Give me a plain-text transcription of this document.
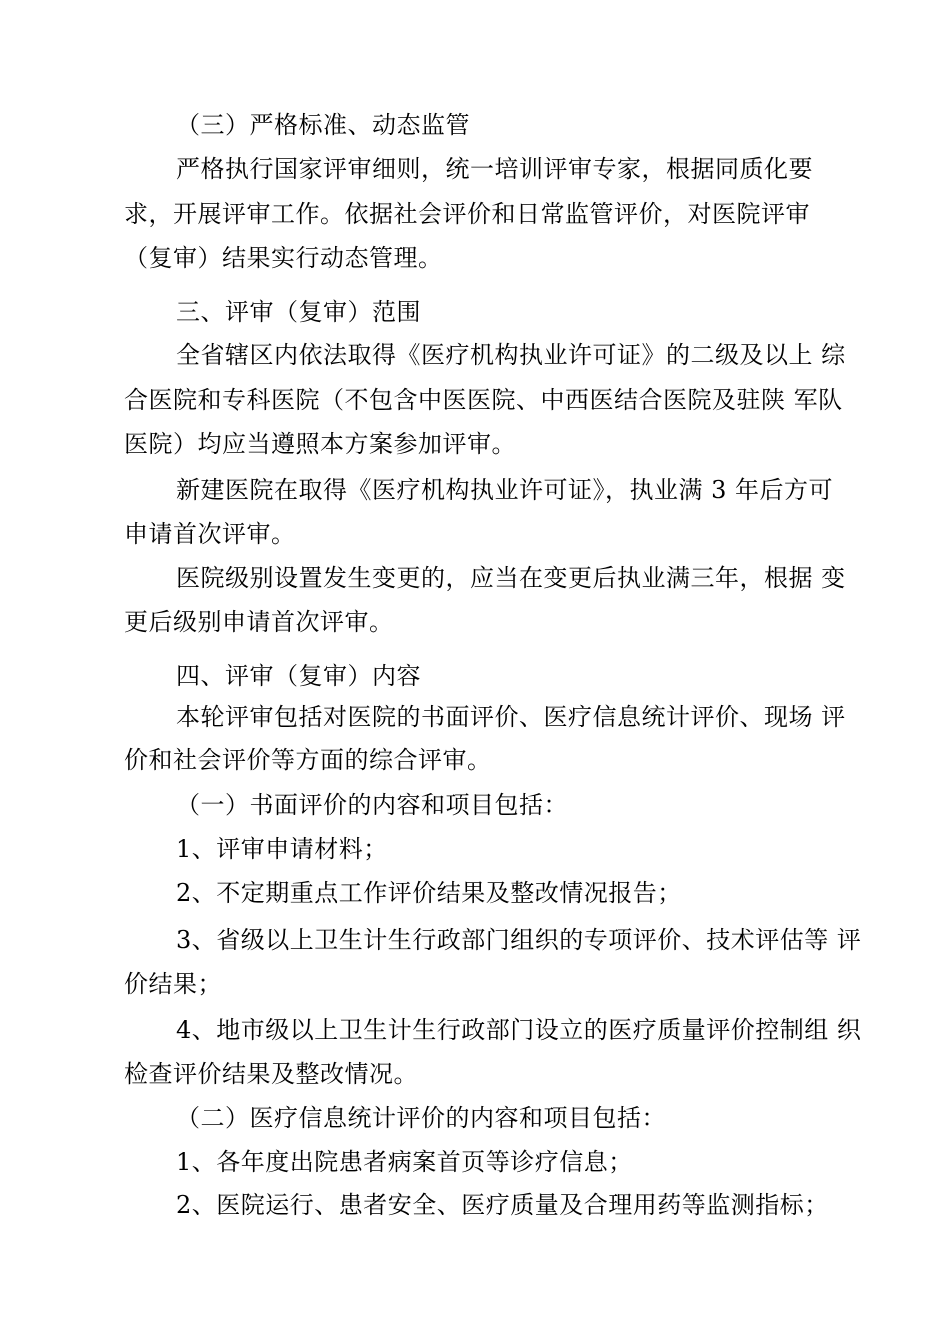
（三）严格标准、动态监管
严格执行国家评审细则，统一培训评审专家，根据同质化要
求，开展评审工作。依据社会评价和日常监管评价，对医院评审
（复审）结果实行动态管理。
三、评审（复审）范围
全省辖区内依法取得《医疗机构执业许可证》的二级及以上 综
合医院和专科医院（不包含中医医院、中西医结合医院及驻陕 军队
医院）均应当遵照本方案参加评审。
新建医院在取得《医疗机构执业许可证》，执业满 3 年后方可
申请首次评审。
医院级别设置发生变更的，应当在变更后执业满三年，根据 变
更后级别申请首次评审。
四、评审（复审）内容
本轮评审包括对医院的书面评价、医疗信息统计评价、现场 评
价和社会评价等方面的综合评审。
（一）书面评价的内容和项目包括：
1、评审申请材料；
2、不定期重点工作评价结果及整改情况报告；
3、省级以上卫生计生行政部门组织的专项评价、技术评估等 评
价结果；
4、地市级以上卫生计生行政部门设立的医疗质量评价控制组 织
检查评价结果及整改情况。
（二）医疗信息统计评价的内容和项目包括：
1、各年度出院患者病案首页等诊疗信息；
2、医院运行、患者安全、医疗质量及合理用药等监测指标；
